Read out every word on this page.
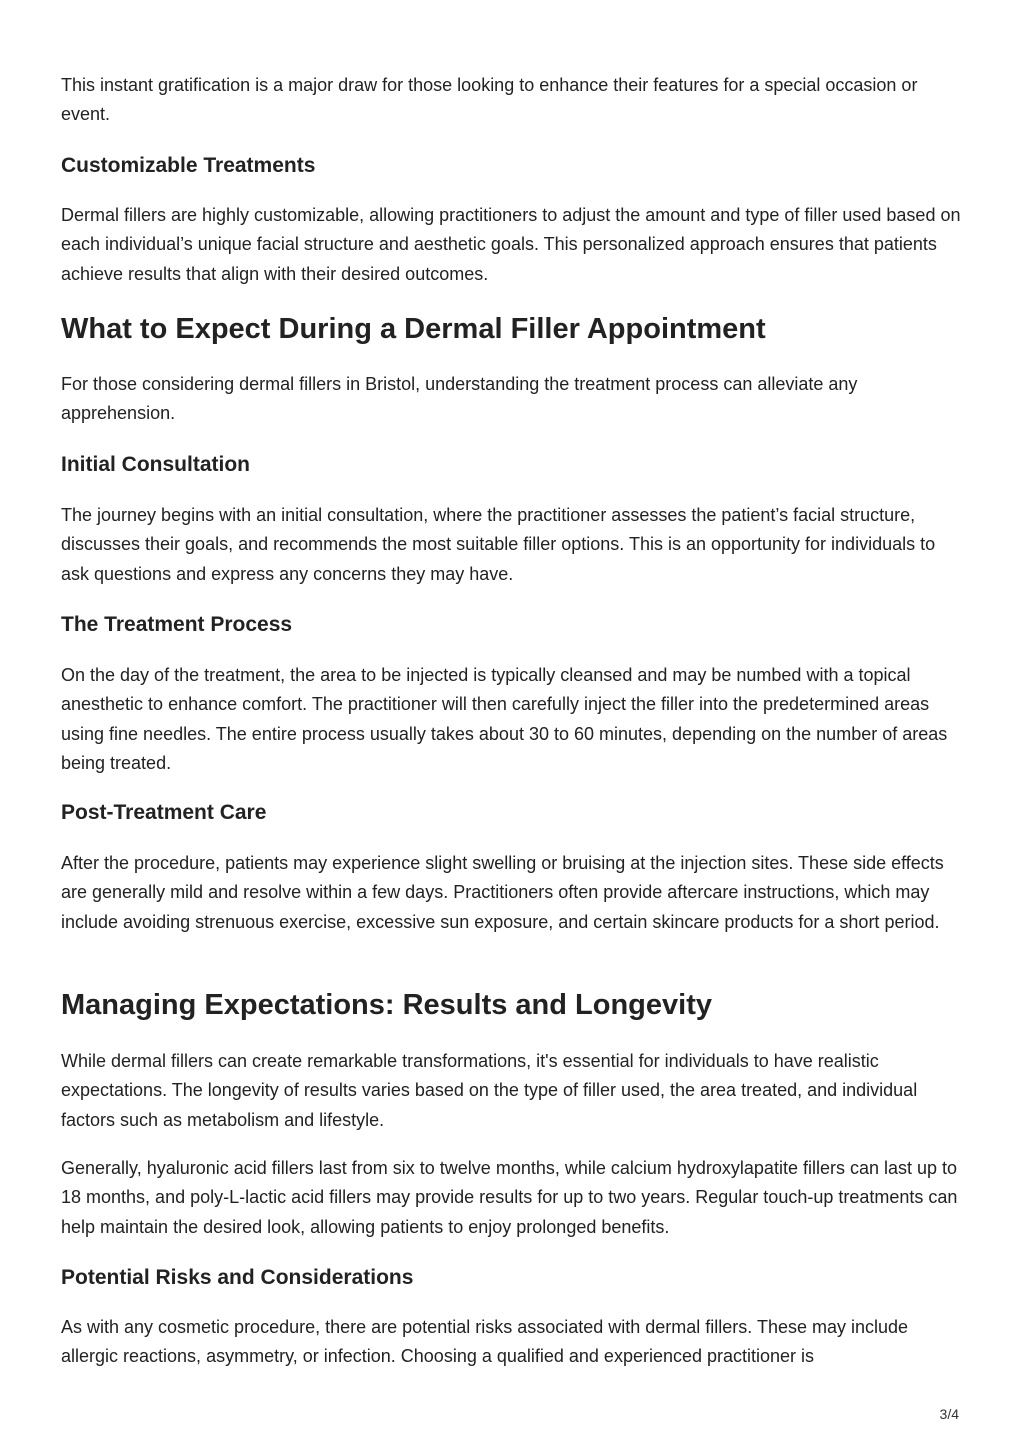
This instant gratification is a major draw for those looking to enhance their features for a special occasion or event.

Customizable Treatments

Dermal fillers are highly customizable, allowing practitioners to adjust the amount and type of filler used based on each individual’s unique facial structure and aesthetic goals. This personalized approach ensures that patients achieve results that align with their desired outcomes.

What to Expect During a Dermal Filler Appointment

For those considering dermal fillers in Bristol, understanding the treatment process can alleviate any apprehension.

Initial Consultation

The journey begins with an initial consultation, where the practitioner assesses the patient’s facial structure, discusses their goals, and recommends the most suitable filler options. This is an opportunity for individuals to ask questions and express any concerns they may have.

The Treatment Process

On the day of the treatment, the area to be injected is typically cleansed and may be numbed with a topical anesthetic to enhance comfort. The practitioner will then carefully inject the filler into the predetermined areas using fine needles. The entire process usually takes about 30 to 60 minutes, depending on the number of areas being treated.

Post-Treatment Care

After the procedure, patients may experience slight swelling or bruising at the injection sites. These side effects are generally mild and resolve within a few days. Practitioners often provide aftercare instructions, which may include avoiding strenuous exercise, excessive sun exposure, and certain skincare products for a short period.

Managing Expectations: Results and Longevity

While dermal fillers can create remarkable transformations, it's essential for individuals to have realistic expectations. The longevity of results varies based on the type of filler used, the area treated, and individual factors such as metabolism and lifestyle.

Generally, hyaluronic acid fillers last from six to twelve months, while calcium hydroxylapatite fillers can last up to 18 months, and poly-L-lactic acid fillers may provide results for up to two years. Regular touch-up treatments can help maintain the desired look, allowing patients to enjoy prolonged benefits.

Potential Risks and Considerations

As with any cosmetic procedure, there are potential risks associated with dermal fillers. These may include allergic reactions, asymmetry, or infection. Choosing a qualified and experienced practitioner is

3/4
